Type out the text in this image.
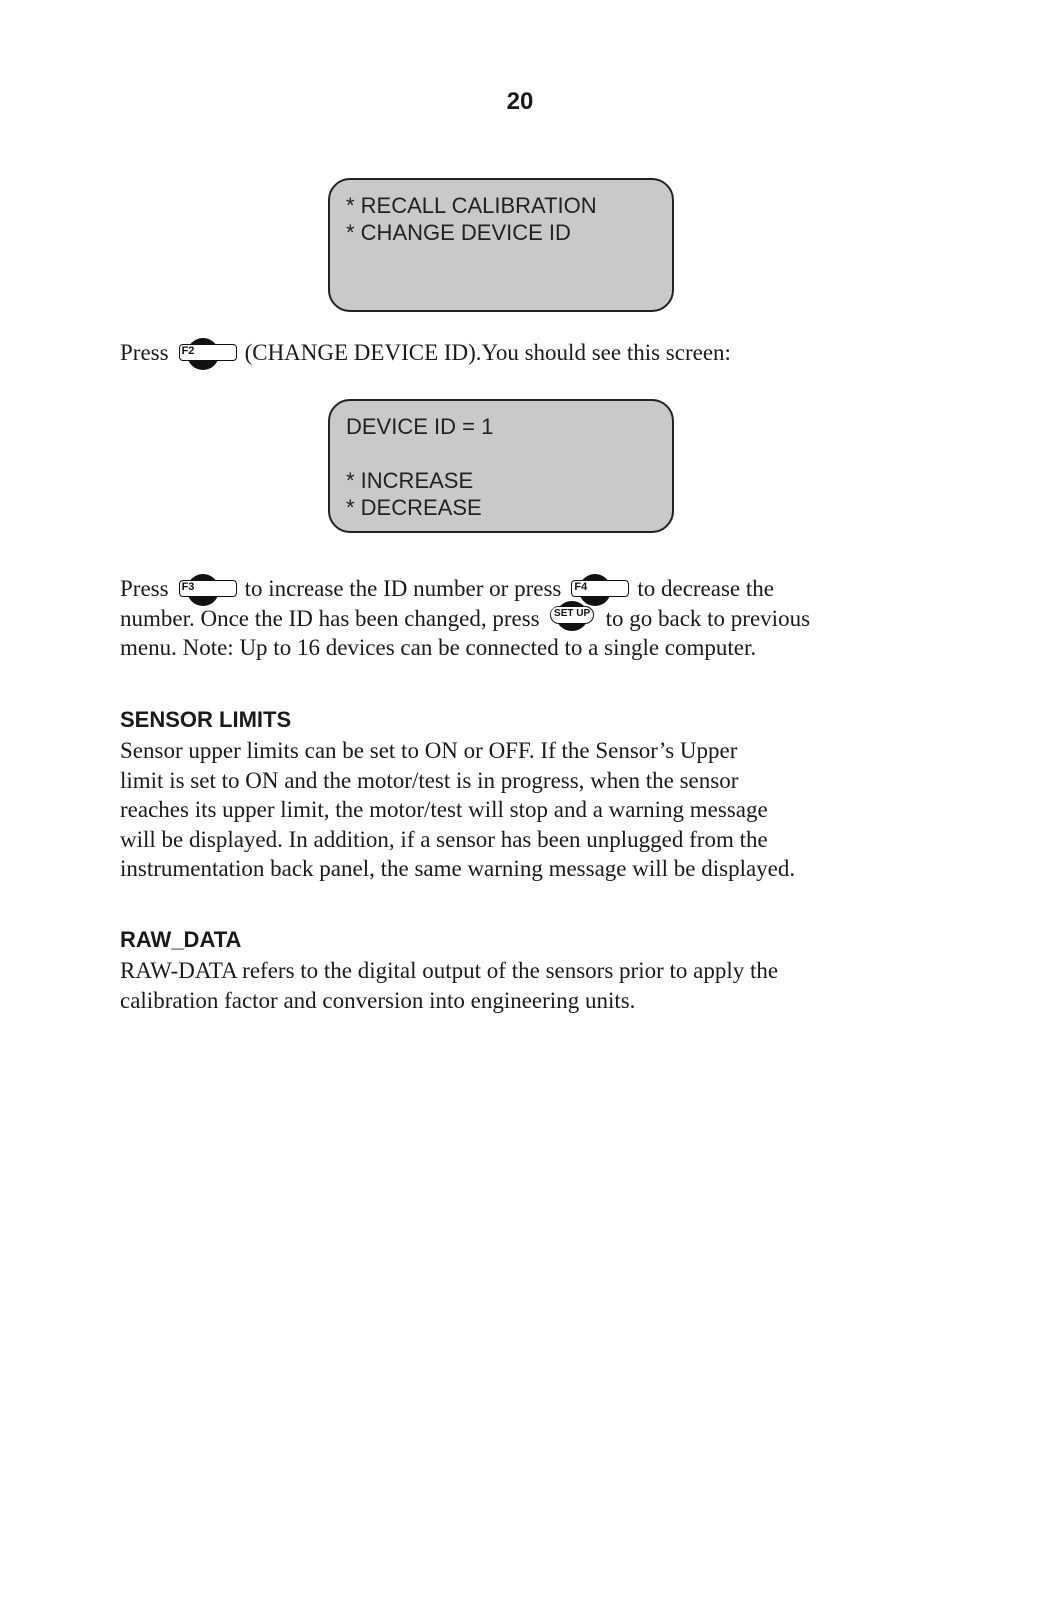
20
* RECALL CALIBRATION
* CHANGE DEVICE ID
Press F2 (CHANGE DEVICE ID).You should see this screen:
DEVICE ID = 1
* INCREASE
* DECREASE
Press F3 to increase the ID number or press F4 to decrease the
number. Once the ID has been changed, press	SET UP to go back to previous
menu. Note: Up to 16 devices can be connected to a single computer.
SENSOR LIMITS
Sensor upper limits can be set to ON or OFF. If the Sensor’s Upper
limit is set to ON and the motor/test is in progress, when the sensor
reaches its upper limit, the motor/test will stop and a warning message
will be displayed. In addition, if a sensor has been unplugged from the
instrumentation back panel, the same warning message will be displayed.
RAW_DATA
RAW-DATA refers to the digital output of the sensors prior to apply the
calibration factor and conversion into engineering units.
